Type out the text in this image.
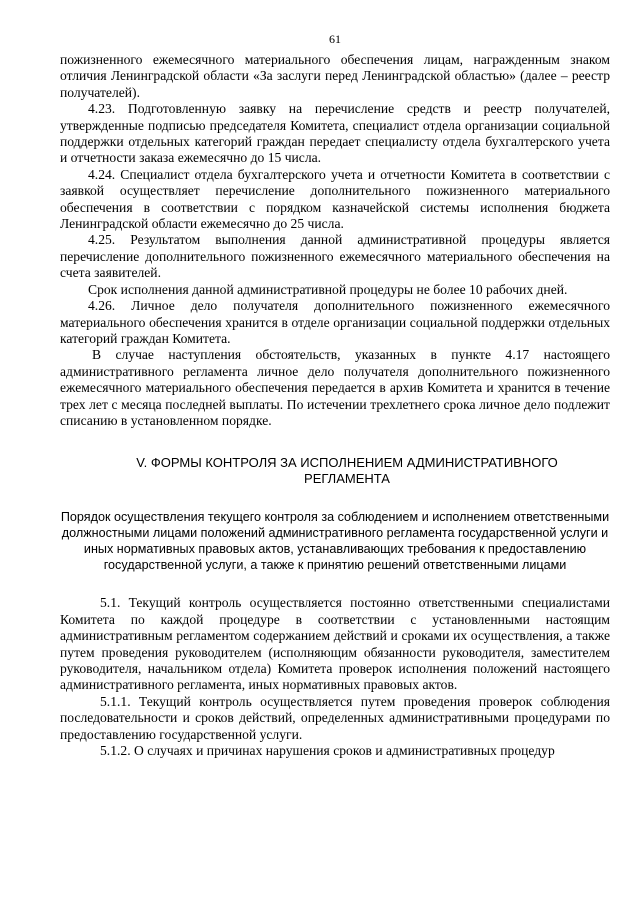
61

пожизненного ежемесячного материального обеспечения лицам, награжденным знаком отличия Ленинградской области «За заслуги перед Ленинградской областью» (далее – реестр получателей).

4.23. Подготовленную заявку на перечисление средств и реестр получателей, утвержденные подписью председателя Комитета, специалист отдела организации социальной поддержки отдельных категорий граждан передает специалисту отдела бухгалтерского учета и отчетности заказа ежемесячно до 15 числа.

4.24. Специалист отдела бухгалтерского учета и отчетности Комитета в соответствии с заявкой осуществляет перечисление дополнительного пожизненного материального обеспечения в соответствии с порядком казначейской системы исполнения бюджета Ленинградской области ежемесячно до 25 числа.

4.25. Результатом выполнения данной административной процедуры является перечисление дополнительного пожизненного ежемесячного материального обеспечения на счета заявителей.

Срок исполнения данной административной процедуры не более 10 рабочих дней.

4.26. Личное дело получателя дополнительного пожизненного ежемесячного материального обеспечения хранится в отделе организации социальной поддержки отдельных категорий граждан Комитета.

В случае наступления обстоятельств, указанных в пункте 4.17 настоящего административного регламента личное дело получателя дополнительного пожизненного ежемесячного материального обеспечения передается в архив Комитета и хранится в течение трех лет с месяца последней выплаты. По истечении трехлетнего срока личное дело подлежит списанию в установленном порядке.

V. ФОРМЫ КОНТРОЛЯ ЗА ИСПОЛНЕНИЕМ АДМИНИСТРАТИВНОГО РЕГЛАМЕНТА
Порядок осуществления текущего контроля за соблюдением и исполнением ответственными должностными лицами положений административного регламента государственной услуги и иных нормативных правовых актов, устанавливающих требования к предоставлению государственной услуги, а также к принятию решений ответственными лицами

5.1. Текущий контроль осуществляется постоянно ответственными специалистами Комитета по каждой процедуре в соответствии с установленными настоящим административным регламентом содержанием действий и сроками их осуществления, а также путем проведения руководителем (исполняющим обязанности руководителя, заместителем руководителя, начальником отдела) Комитета проверок исполнения положений настоящего административного регламента, иных нормативных правовых актов.

5.1.1. Текущий контроль осуществляется путем проведения проверок соблюдения последовательности и сроков действий, определенных административными процедурами по предоставлению государственной услуги.

5.1.2. О случаях и причинах нарушения сроков и административных процедур
